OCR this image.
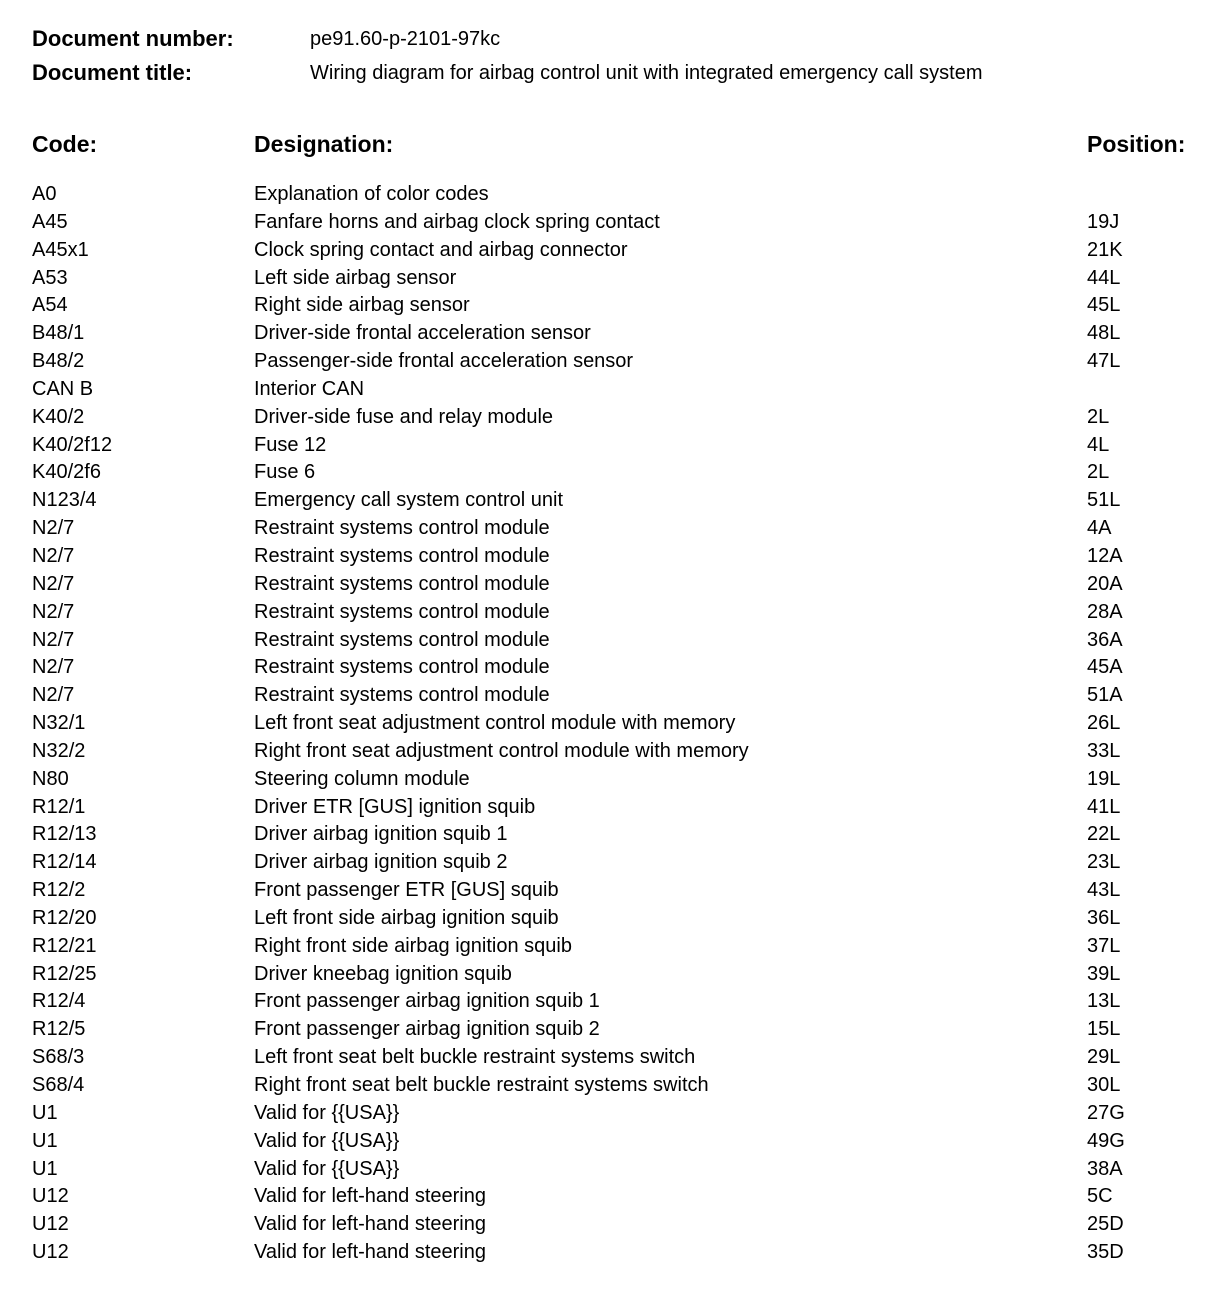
Document number:	pe91.60-p-2101-97kc
Document title:	Wiring diagram for airbag control unit with integrated emergency call system
Code:	Designation:	Position:
A0	Explanation of color codes
A45	Fanfare horns and airbag clock spring contact	19J
A45x1	Clock spring contact and airbag connector	21K
A53	Left side airbag sensor	44L
A54	Right side airbag sensor	45L
B48/1	Driver-side frontal acceleration sensor	48L
B48/2	Passenger-side frontal acceleration sensor	47L
CAN B	Interior CAN
K40/2	Driver-side fuse and relay module	2L
K40/2f12	Fuse 12	4L
K40/2f6	Fuse 6	2L
N123/4	Emergency call system control unit	51L
N2/7	Restraint systems control module	4A
N2/7	Restraint systems control module	12A
N2/7	Restraint systems control module	20A
N2/7	Restraint systems control module	28A
N2/7	Restraint systems control module	36A
N2/7	Restraint systems control module	45A
N2/7	Restraint systems control module	51A
N32/1	Left front seat adjustment control module with memory	26L
N32/2	Right front seat adjustment control module with memory	33L
N80	Steering column module	19L
R12/1	Driver ETR [GUS] ignition squib	41L
R12/13	Driver airbag ignition squib 1	22L
R12/14	Driver airbag ignition squib 2	23L
R12/2	Front passenger ETR [GUS] squib	43L
R12/20	Left front side airbag ignition squib	36L
R12/21	Right front side airbag ignition squib	37L
R12/25	Driver kneebag ignition squib	39L
R12/4	Front passenger airbag ignition squib 1	13L
R12/5	Front passenger airbag ignition squib 2	15L
S68/3	Left front seat belt buckle restraint systems switch	29L
S68/4	Right front seat belt buckle restraint systems switch	30L
U1	Valid for {{USA}}	27G
U1	Valid for {{USA}}	49G
U1	Valid for {{USA}}	38A
U12	Valid for left-hand steering	5C
U12	Valid for left-hand steering	25D
U12	Valid for left-hand steering	35D
